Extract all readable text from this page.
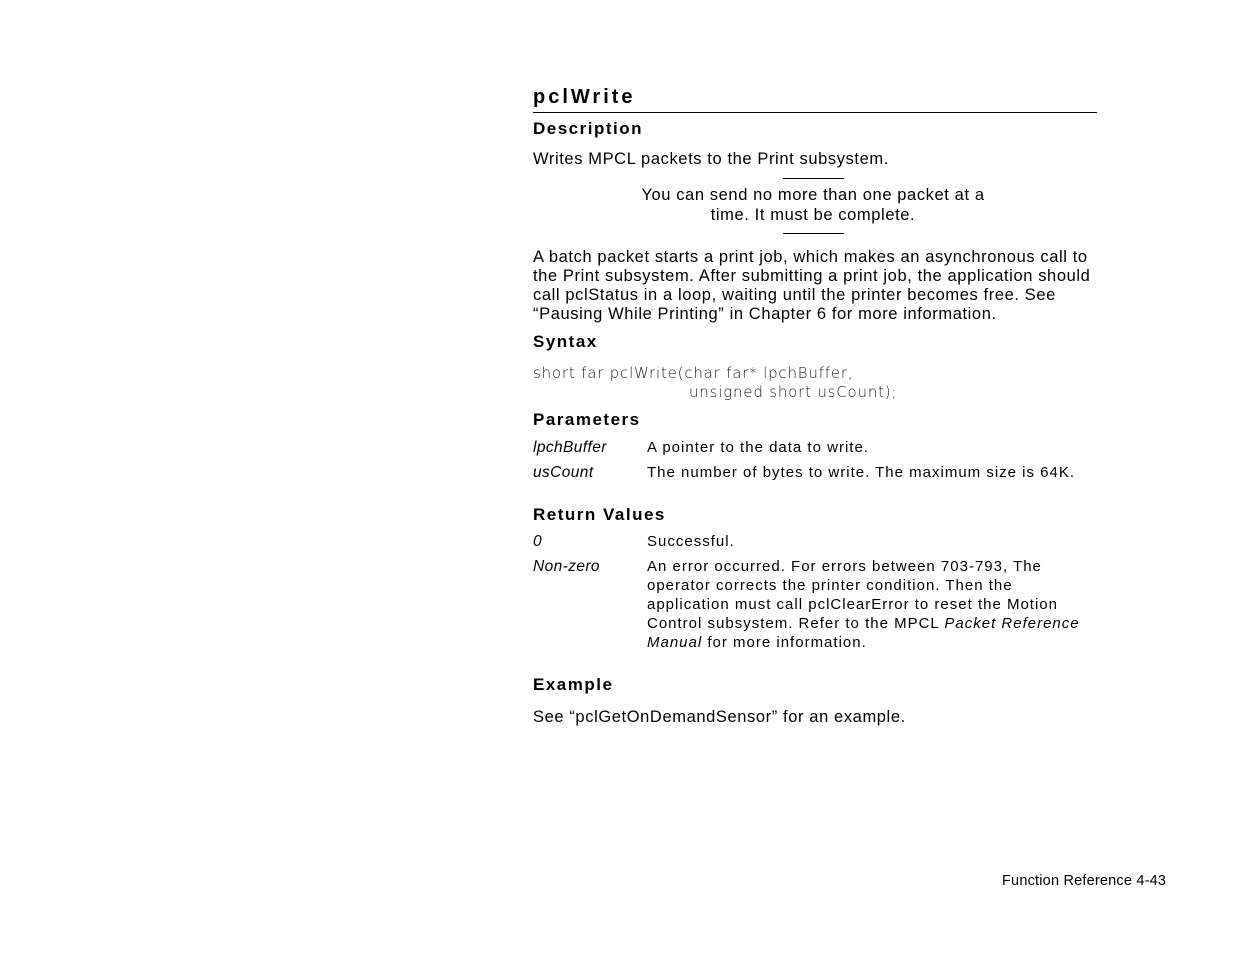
pclWrite
Description

Writes MPCL packets to the Print subsystem.

You can send no more than one packet at a

time. It must be complete.

A batch packet starts a print job, which makes an asynchronous call to the Print subsystem. After submitting a print job, the application should call pclStatus in a loop, waiting until the printer becomes free. See “Pausing While Printing” in Chapter 6 for more information.

Syntax
short far pclWrite(char far* lpchBuffer,
unsigned short usCount);
Parameters
lpchBuffer	A pointer to the data to write.
usCount	The number of bytes to write. The maximum size is 64K.
Return Values
0	Successful.
Non-zero	An error occurred. For errors between 703-793, The operator corrects the printer condition. Then the application must call pclClearError to reset the Motion Control subsystem. Refer to the MPCL Packet Reference Manual for more information.
Example

See “pclGetOnDemandSensor” for an example.

Function Reference 4-43
